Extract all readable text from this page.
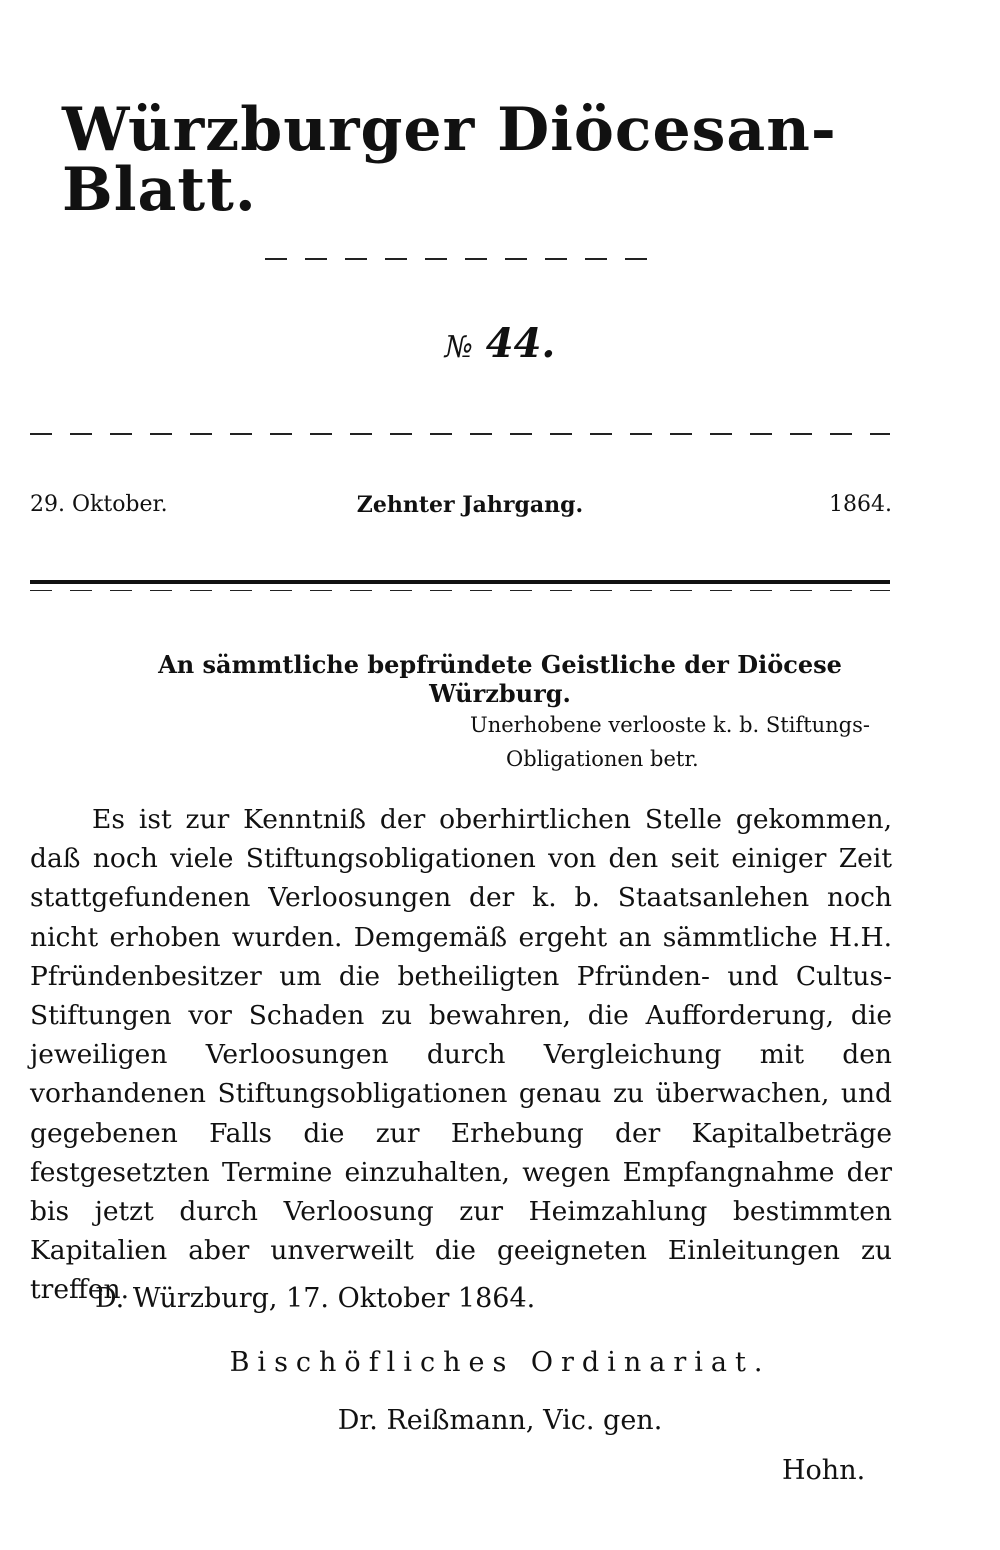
Würzburger Diöcesan-Blatt.
№ 44.
29. Oktober.	Zehnter Jahrgang.	1864.
An sämmtliche bepfründete Geistliche der Diöcese Würzburg.
Unerhobene verlooste k. b. Stiftungs-
Obligationen betr.

Es ist zur Kenntniß der oberhirtlichen Stelle gekommen, daß noch viele Stiftungsobligationen von den seit einiger Zeit stattgefundenen Verloosungen der k. b. Staatsanlehen noch nicht erhoben wurden. Demgemäß ergeht an sämmtliche H.H. Pfründenbesitzer um die betheiligten Pfründen- und Cultus-Stiftungen vor Schaden zu bewahren, die Aufforderung, die jeweiligen Verloosungen durch Vergleichung mit den vorhandenen Stiftungsobligationen genau zu überwachen, und gegebenen Falls die zur Erhebung der Kapitalbeträge festgesetzten Termine einzuhalten, wegen Empfangnahme der bis jetzt durch Verloosung zur Heimzahlung bestimmten Kapitalien aber unverweilt die geeigneten Einleitungen zu treffen.

D. Würzburg, 17. Oktober 1864.
Bischöfliches Ordinariat.
Dr. Reißmann, Vic. gen.
Hohn.
